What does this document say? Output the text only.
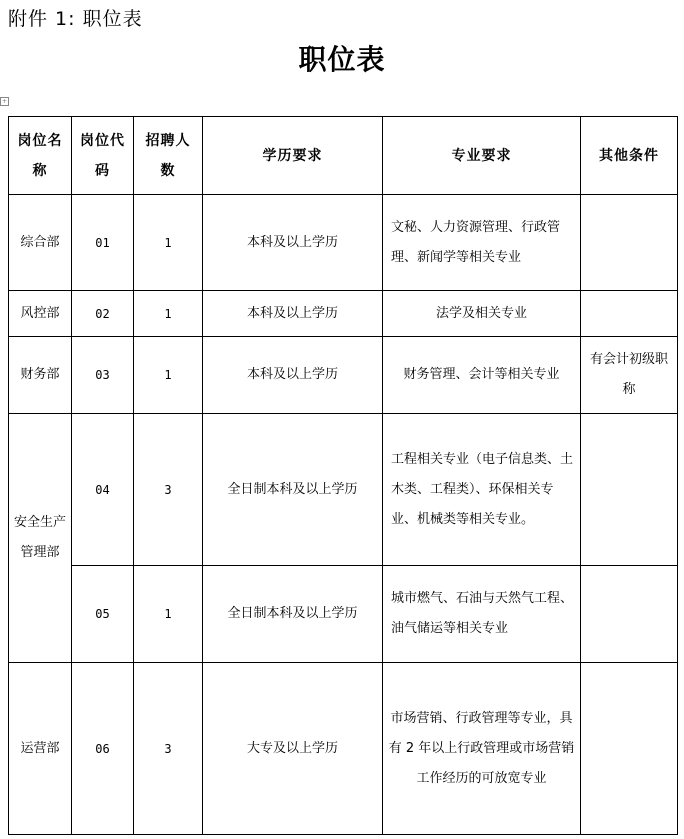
附件 1: 职位表
职位表
+
岗位名称	岗位代码	招聘人数	学历要求	专业要求	其他条件
综合部	01	1	本科及以上学历	文秘、人力资源管理、行政管理、新闻学等相关专业	
风控部	02	1	本科及以上学历	法学及相关专业	
财务部	03	1	本科及以上学历	财务管理、会计等相关专业	有会计初级职称
安全生产管理部	04	3	全日制本科及以上学历	工程相关专业（电子信息类、土木类、工程类）、环保相关专业、机械类等相关专业。	
	05	1	全日制本科及以上学历	城市燃气、石油与天然气工程、油气储运等相关专业	
运营部	06	3	大专及以上学历	市场营销、行政管理等专业，具有 2 年以上行政管理或市场营销工作经历的可放宽专业	
